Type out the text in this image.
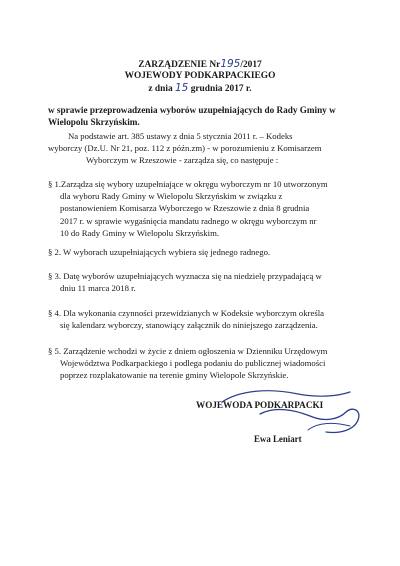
ZARZĄDZENIE Nr195/2017
WOJEWODY PODKARPACKIEGO
z dnia 15 grudnia 2017 r.
w sprawie przeprowadzenia wyborów uzupełniających do Rady Gminy w
Wielopolu Skrzyńskim.
Na podstawie art. 385 ustawy z dnia 5 stycznia 2011 r. – Kodeks
wyborczy (Dz.U. Nr 21, poz. 112 z późn.zm) - w porozumieniu z Komisarzem
Wyborczym w Rzeszowie - zarządza się, co następuje :
§ 1.Zarządza się wybory uzupełniające w okręgu wyborczym nr 10 utworzonym
dla wyboru Rady Gminy w Wielopolu Skrzyńskim w związku z
postanowieniem Komisarza Wyborczego w Rzeszowie z dnia 8 grudnia
2017 r. w sprawie wygaśnięcia mandatu radnego w okręgu wyborczym nr
10 do Rady Gminy w Wielopolu Skrzyńskim.
§ 2. W wyborach uzupełniających wybiera się jednego radnego.
§ 3. Datę wyborów uzupełniających wyznacza się na niedzielę przypadającą w
dniu 11 marca 2018 r.
§ 4. Dla wykonania czynności przewidzianych w Kodeksie wyborczym określa
się kalendarz wyborczy, stanowiący załącznik do niniejszego zarządzenia.
§ 5. Zarządzenie wchodzi w życie z dniem ogłoszenia w Dzienniku Urzędowym
Województwa Podkarpackiego i podlega podaniu do publicznej wiadomości
poprzez rozplakatowanie na terenie gminy Wielopole Skrzyńskie.
WOJEWODA PODKARPACKI
Ewa Leniart
